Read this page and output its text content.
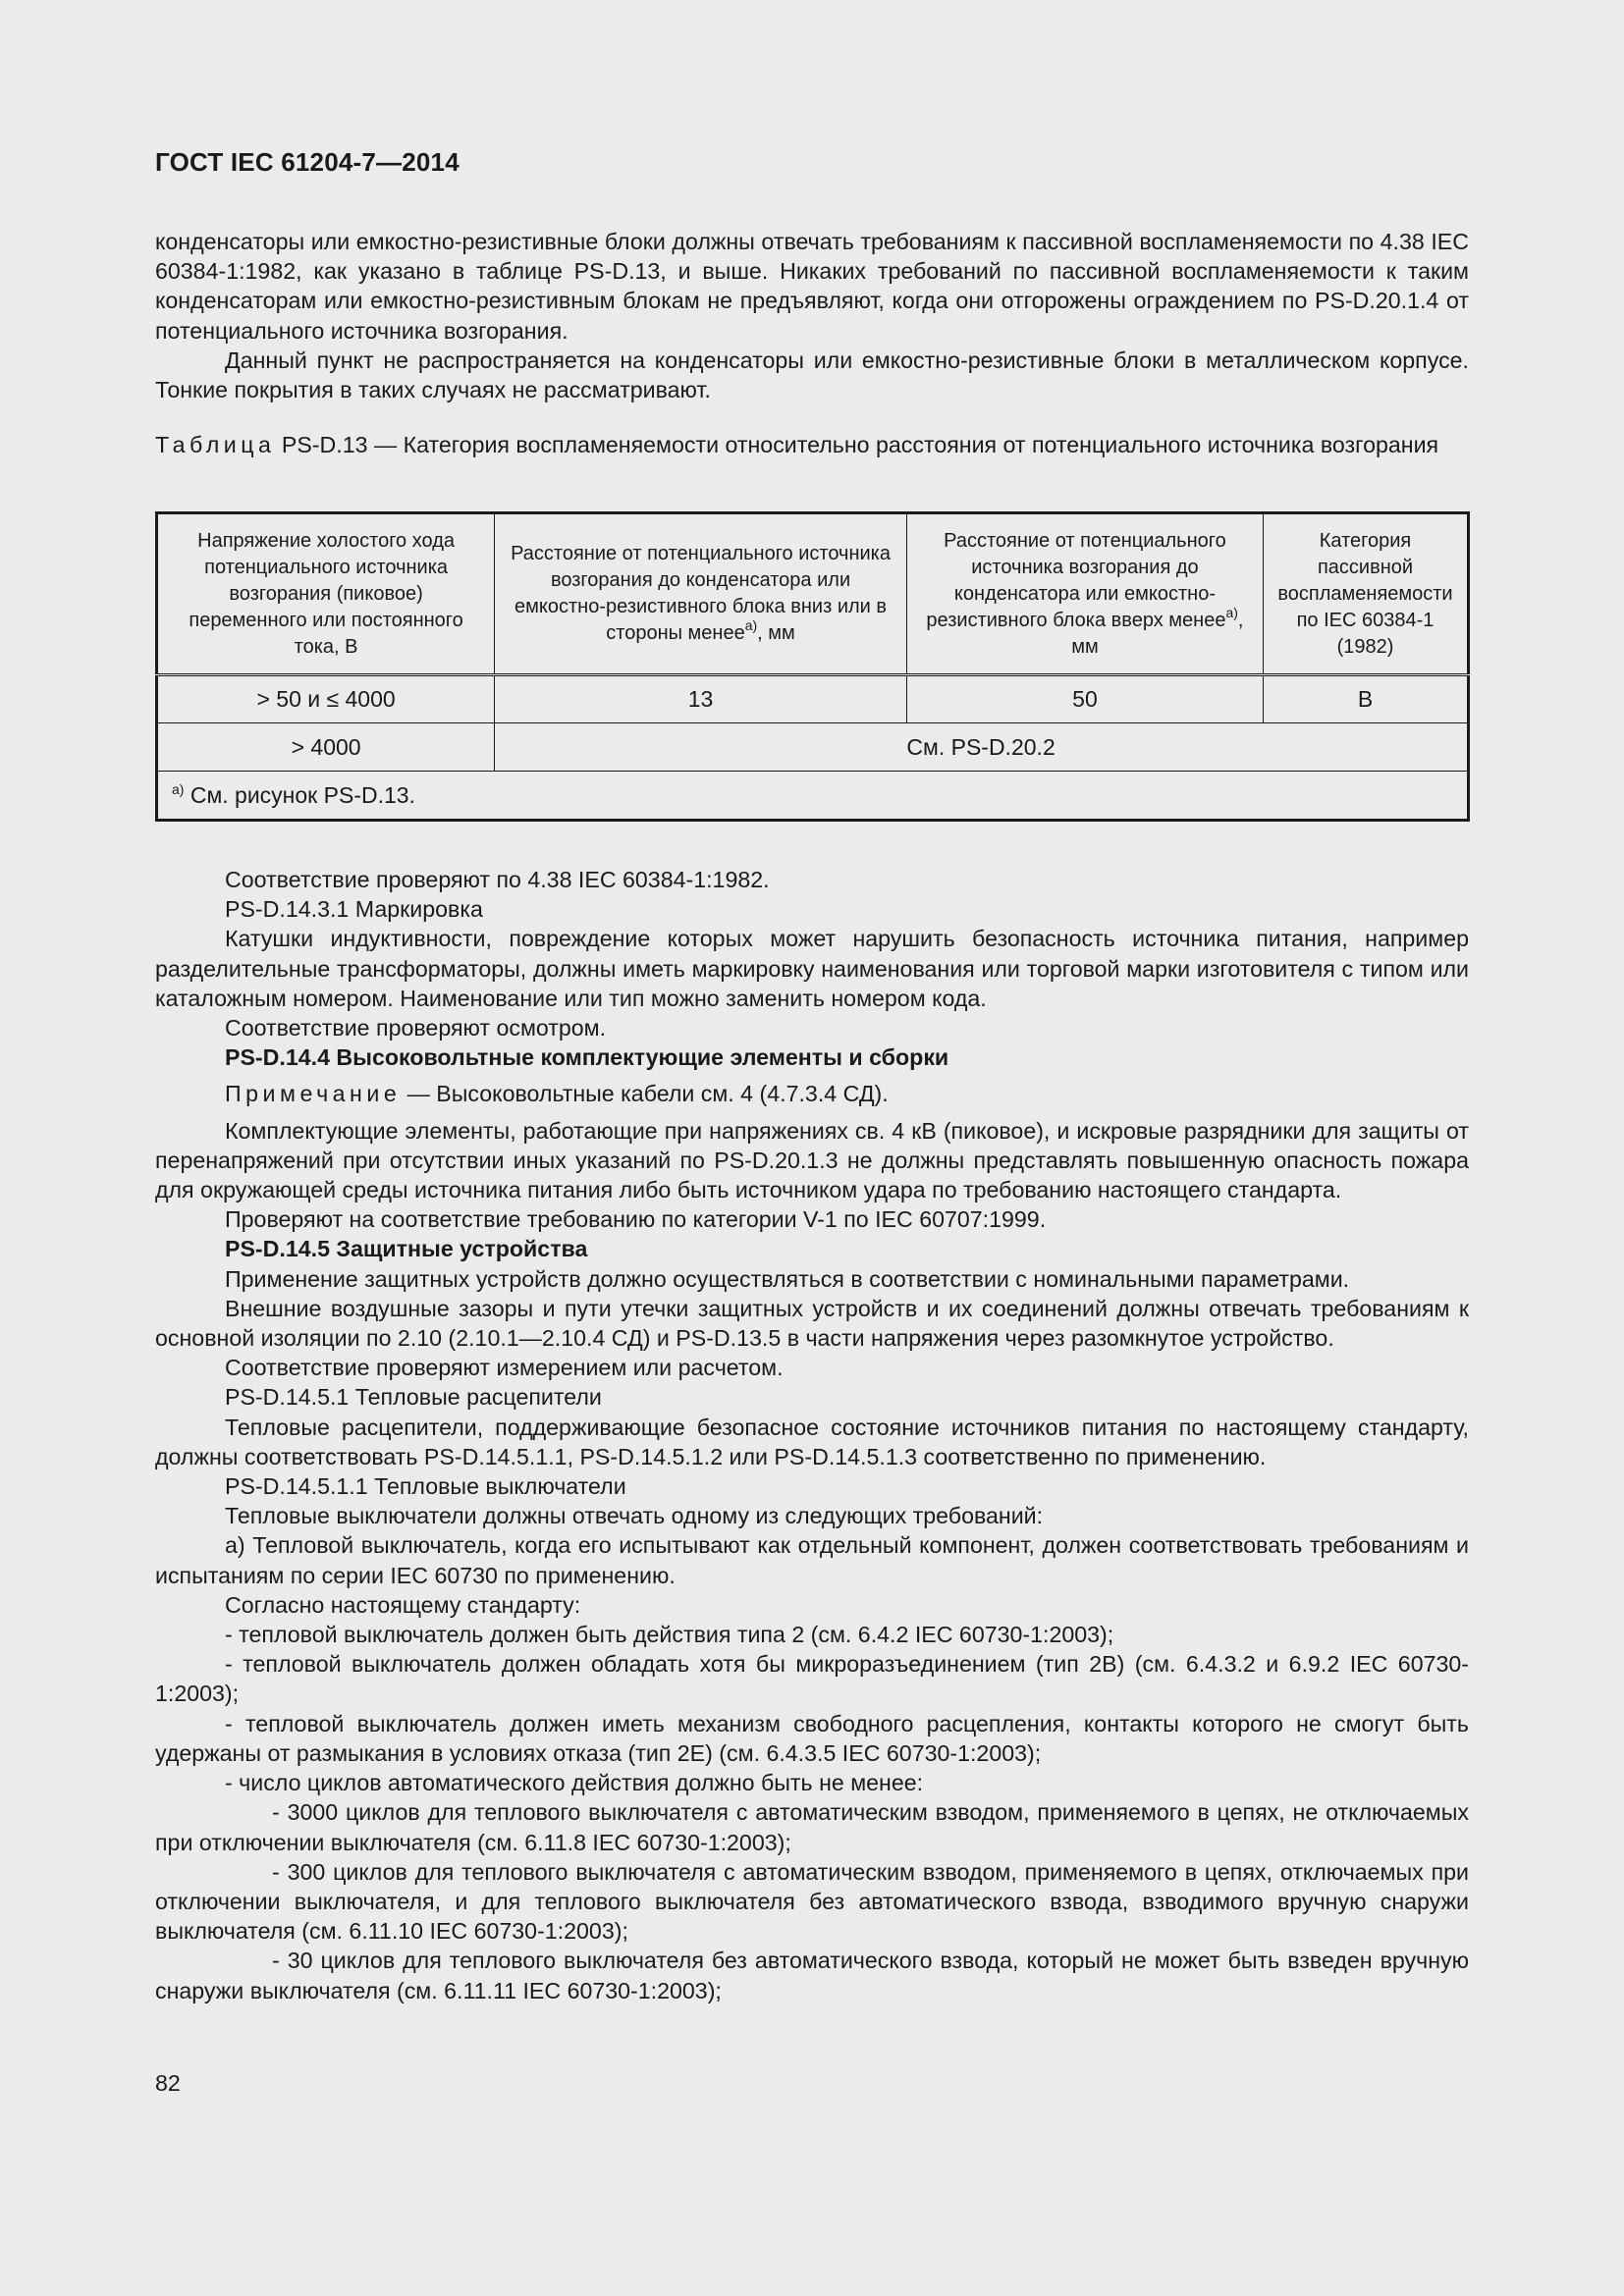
ГОСТ IEC 61204-7—2014

конденсаторы или емкостно-резистивные блоки должны отвечать требованиям к пассивной воспламеняемости по 4.38 IEC 60384-1:1982, как указано в таблице PS-D.13, и выше. Никаких требований по пассивной воспламеняемости к таким конденсаторам или емкостно-резистивным блокам не предъявляют, когда они отгорожены ограждением по PS-D.20.1.4 от потенциального источника возгорания.

Данный пункт не распространяется на конденсаторы или емкостно-резистивные блоки в металлическом корпусе. Тонкие покрытия в таких случаях не рассматривают.

Таблица PS-D.13 — Категория воспламеняемости относительно расстояния от потенциального источника возгорания
Напряжение холостого хода потенциального источника возгорания (пиковое) переменного или постоянного тока, В	Расстояние от потенциального источника возгорания до конденсатора или емкостно-резистивного блока вниз или в стороны менее$^{a)}$, мм	Расстояние от потенциального источника возгорания до конденсатора или емкостно-резистивного блока вверх менее$^{a)}$, мм	Категория пассивной воспламеняемости по IEC 60384-1 (1982)
> 50 и ≤ 4000	13	50	B
> 4000	См. PS-D.20.2		
$^{a)}$ См. рисунок PS-D.13.			

Соответствие проверяют по 4.38 IEC 60384-1:1982.

PS-D.14.3.1 Маркировка

Катушки индуктивности, повреждение которых может нарушить безопасность источника питания, например разделительные трансформаторы, должны иметь маркировку наименования или торговой марки изготовителя с типом или каталожным номером. Наименование или тип можно заменить номером кода.

Соответствие проверяют осмотром.

PS-D.14.4 Высоковольтные комплектующие элементы и сборки

Примечание — Высоковольтные кабели см. 4 (4.7.3.4 СД).

Комплектующие элементы, работающие при напряжениях св. 4 кВ (пиковое), и искровые разрядники для защиты от перенапряжений при отсутствии иных указаний по PS-D.20.1.3 не должны представлять повышенную опасность пожара для окружающей среды источника питания либо быть источником удара по требованию настоящего стандарта.

Проверяют на соответствие требованию по категории V-1 по IEC 60707:1999.

PS-D.14.5 Защитные устройства

Применение защитных устройств должно осуществляться в соответствии с номинальными параметрами.

Внешние воздушные зазоры и пути утечки защитных устройств и их соединений должны отвечать требованиям к основной изоляции по 2.10 (2.10.1—2.10.4 СД) и PS-D.13.5 в части напряжения через разомкнутое устройство.

Соответствие проверяют измерением или расчетом.

PS-D.14.5.1 Тепловые расцепители

Тепловые расцепители, поддерживающие безопасное состояние источников питания по настоящему стандарту, должны соответствовать PS-D.14.5.1.1, PS-D.14.5.1.2 или PS-D.14.5.1.3 соответственно по применению.

PS-D.14.5.1.1 Тепловые выключатели

Тепловые выключатели должны отвечать одному из следующих требований:

а) Тепловой выключатель, когда его испытывают как отдельный компонент, должен соответствовать требованиям и испытаниям по серии IEC 60730 по применению.

Согласно настоящему стандарту:

- тепловой выключатель должен быть действия типа 2 (см. 6.4.2 IEC 60730-1:2003);

- тепловой выключатель должен обладать хотя бы микроразъединением (тип 2B) (см. 6.4.3.2 и 6.9.2 IEC 60730-1:2003);

- тепловой выключатель должен иметь механизм свободного расцепления, контакты которого не смогут быть удержаны от размыкания в условиях отказа (тип 2E) (см. 6.4.3.5 IEC 60730-1:2003);

- число циклов автоматического действия должно быть не менее:

- 3000 циклов для теплового выключателя с автоматическим взводом, применяемого в цепях, не отключаемых при отключении выключателя (см. 6.11.8 IEC 60730-1:2003);

- 300 циклов для теплового выключателя с автоматическим взводом, применяемого в цепях, отключаемых при отключении выключателя, и для теплового выключателя без автоматического взвода, взводимого вручную снаружи выключателя (см. 6.11.10 IEC 60730-1:2003);

- 30 циклов для теплового выключателя без автоматического взвода, который не может быть взведен вручную снаружи выключателя (см. 6.11.11 IEC 60730-1:2003);

82
